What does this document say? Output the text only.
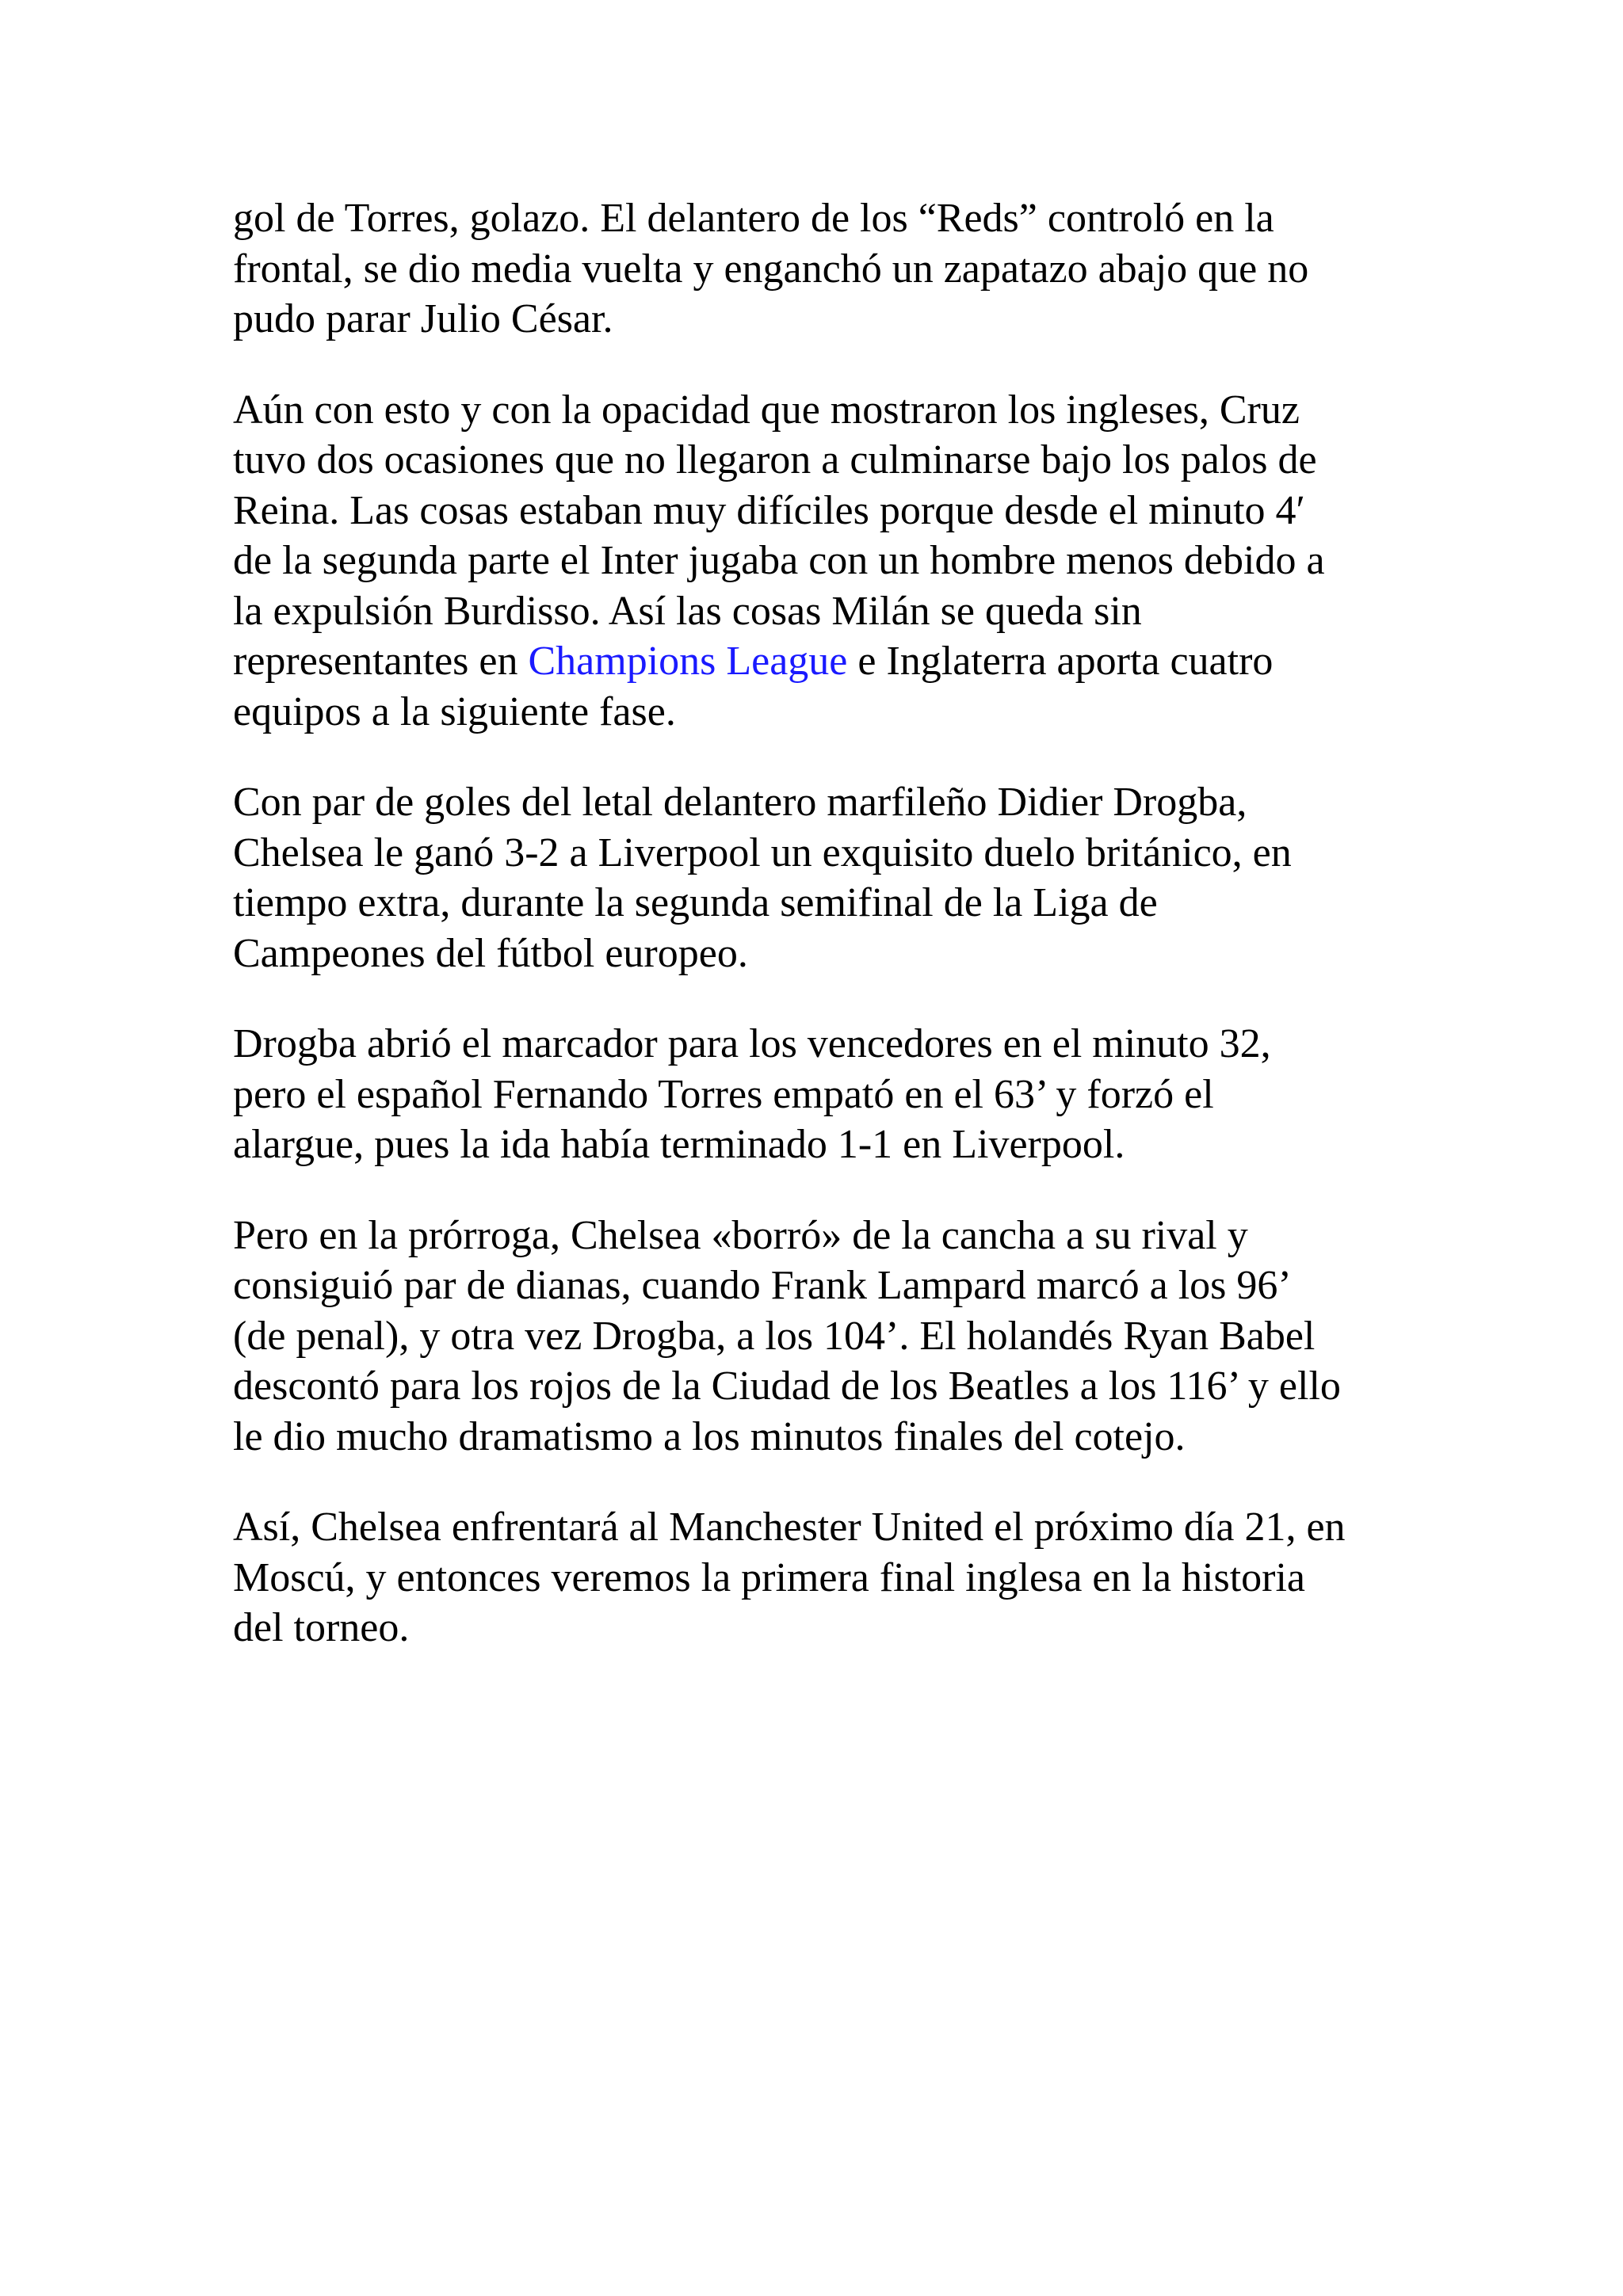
gol de Torres, golazo. El delantero de los “Reds” controló en la
frontal, se dio media vuelta y enganchó un zapatazo abajo que no
pudo parar Julio César.

Aún con esto y con la opacidad que mostraron los ingleses, Cruz
tuvo dos ocasiones que no llegaron a culminarse bajo los palos de
Reina. Las cosas estaban muy difíciles porque desde el minuto 4′
de la segunda parte el Inter jugaba con un hombre menos debido a
la expulsión Burdisso. Así las cosas Milán se queda sin
representantes en Champions League e Inglaterra aporta cuatro
equipos a la siguiente fase.

Con par de goles del letal delantero marfileño Didier Drogba,
Chelsea le ganó 3-2 a Liverpool un exquisito duelo británico, en
tiempo extra, durante la segunda semifinal de la Liga de
Campeones del fútbol europeo.

Drogba abrió el marcador para los vencedores en el minuto 32,
pero el español Fernando Torres empató en el 63’ y forzó el
alargue, pues la ida había terminado 1-1 en Liverpool.

Pero en la prórroga, Chelsea «borró» de la cancha a su rival y
consiguió par de dianas, cuando Frank Lampard marcó a los 96’
(de penal), y otra vez Drogba, a los 104’. El holandés Ryan Babel
descontó para los rojos de la Ciudad de los Beatles a los 116’ y ello
le dio mucho dramatismo a los minutos finales del cotejo.

Así, Chelsea enfrentará al Manchester United el próximo día 21, en
Moscú, y entonces veremos la primera final inglesa en la historia
del torneo.
